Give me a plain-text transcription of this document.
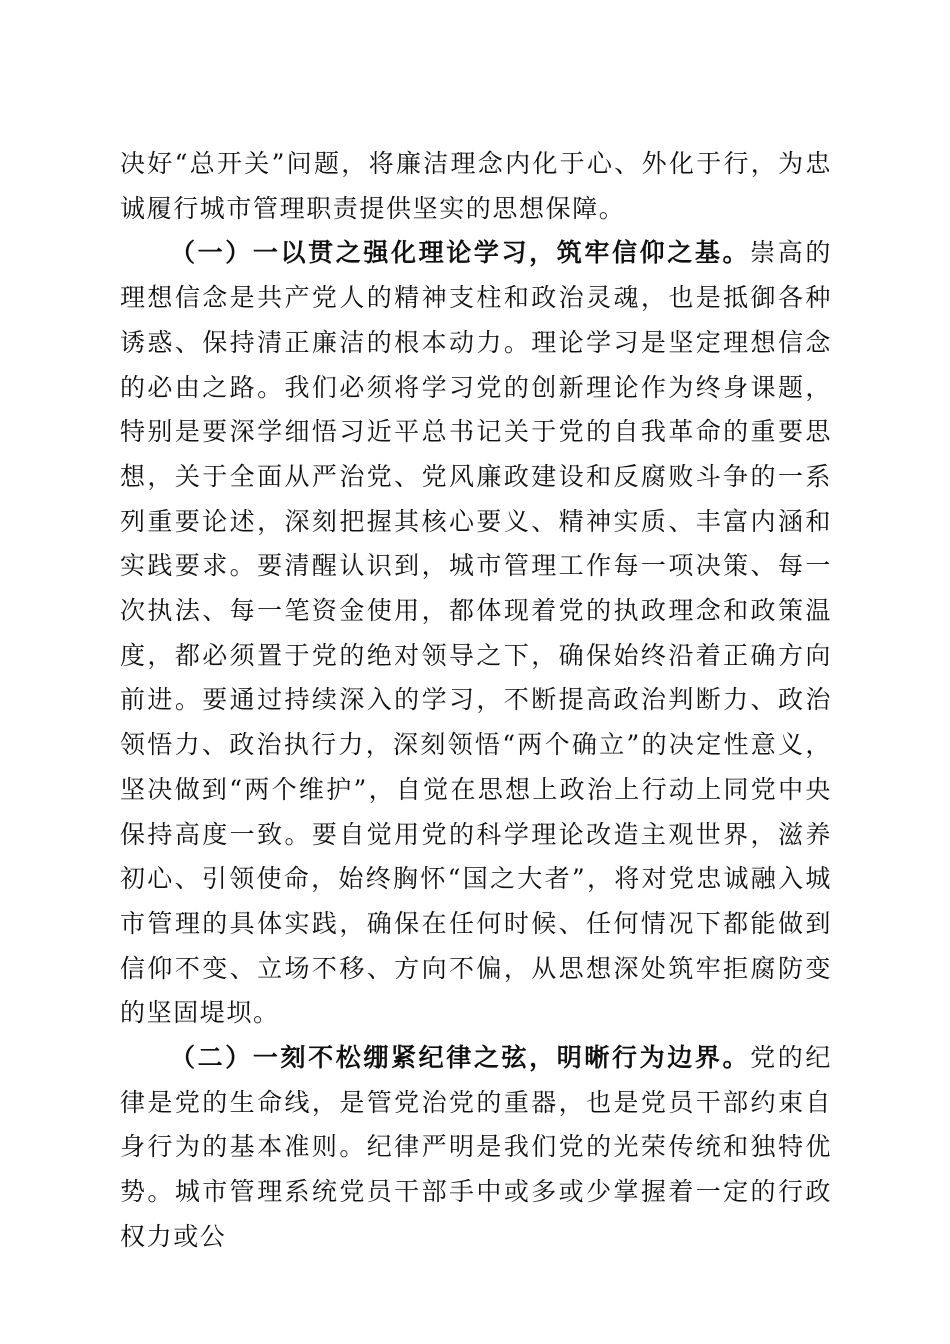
决好“总开关”问题，将廉洁理念内化于心、外化于行，为忠诚履行城市管理职责提供坚实的思想保障。

（一）一以贯之强化理论学习，筑牢信仰之基。崇高的理想信念是共产党人的精神支柱和政治灵魂，也是抵御各种诱惑、保持清正廉洁的根本动力。理论学习是坚定理想信念的必由之路。我们必须将学习党的创新理论作为终身课题，特别是要深学细悟习近平总书记关于党的自我革命的重要思想，关于全面从严治党、党风廉政建设和反腐败斗争的一系列重要论述，深刻把握其核心要义、精神实质、丰富内涵和实践要求。要清醒认识到，城市管理工作每一项决策、每一次执法、每一笔资金使用，都体现着党的执政理念和政策温度，都必须置于党的绝对领导之下，确保始终沿着正确方向前进。要通过持续深入的学习，不断提高政治判断力、政治领悟力、政治执行力，深刻领悟“两个确立”的决定性意义，坚决做到“两个维护”，自觉在思想上政治上行动上同党中央保持高度一致。要自觉用党的科学理论改造主观世界，滋养初心、引领使命，始终胸怀“国之大者”，将对党忠诚融入城市管理的具体实践，确保在任何时候、任何情况下都能做到信仰不变、立场不移、方向不偏，从思想深处筑牢拒腐防变的坚固堤坝。

（二）一刻不松绷紧纪律之弦，明晰行为边界。党的纪律是党的生命线，是管党治党的重器，也是党员干部约束自身行为的基本准则。纪律严明是我们党的光荣传统和独特优势。城市管理系统党员干部手中或多或少掌握着一定的行政权力或公
